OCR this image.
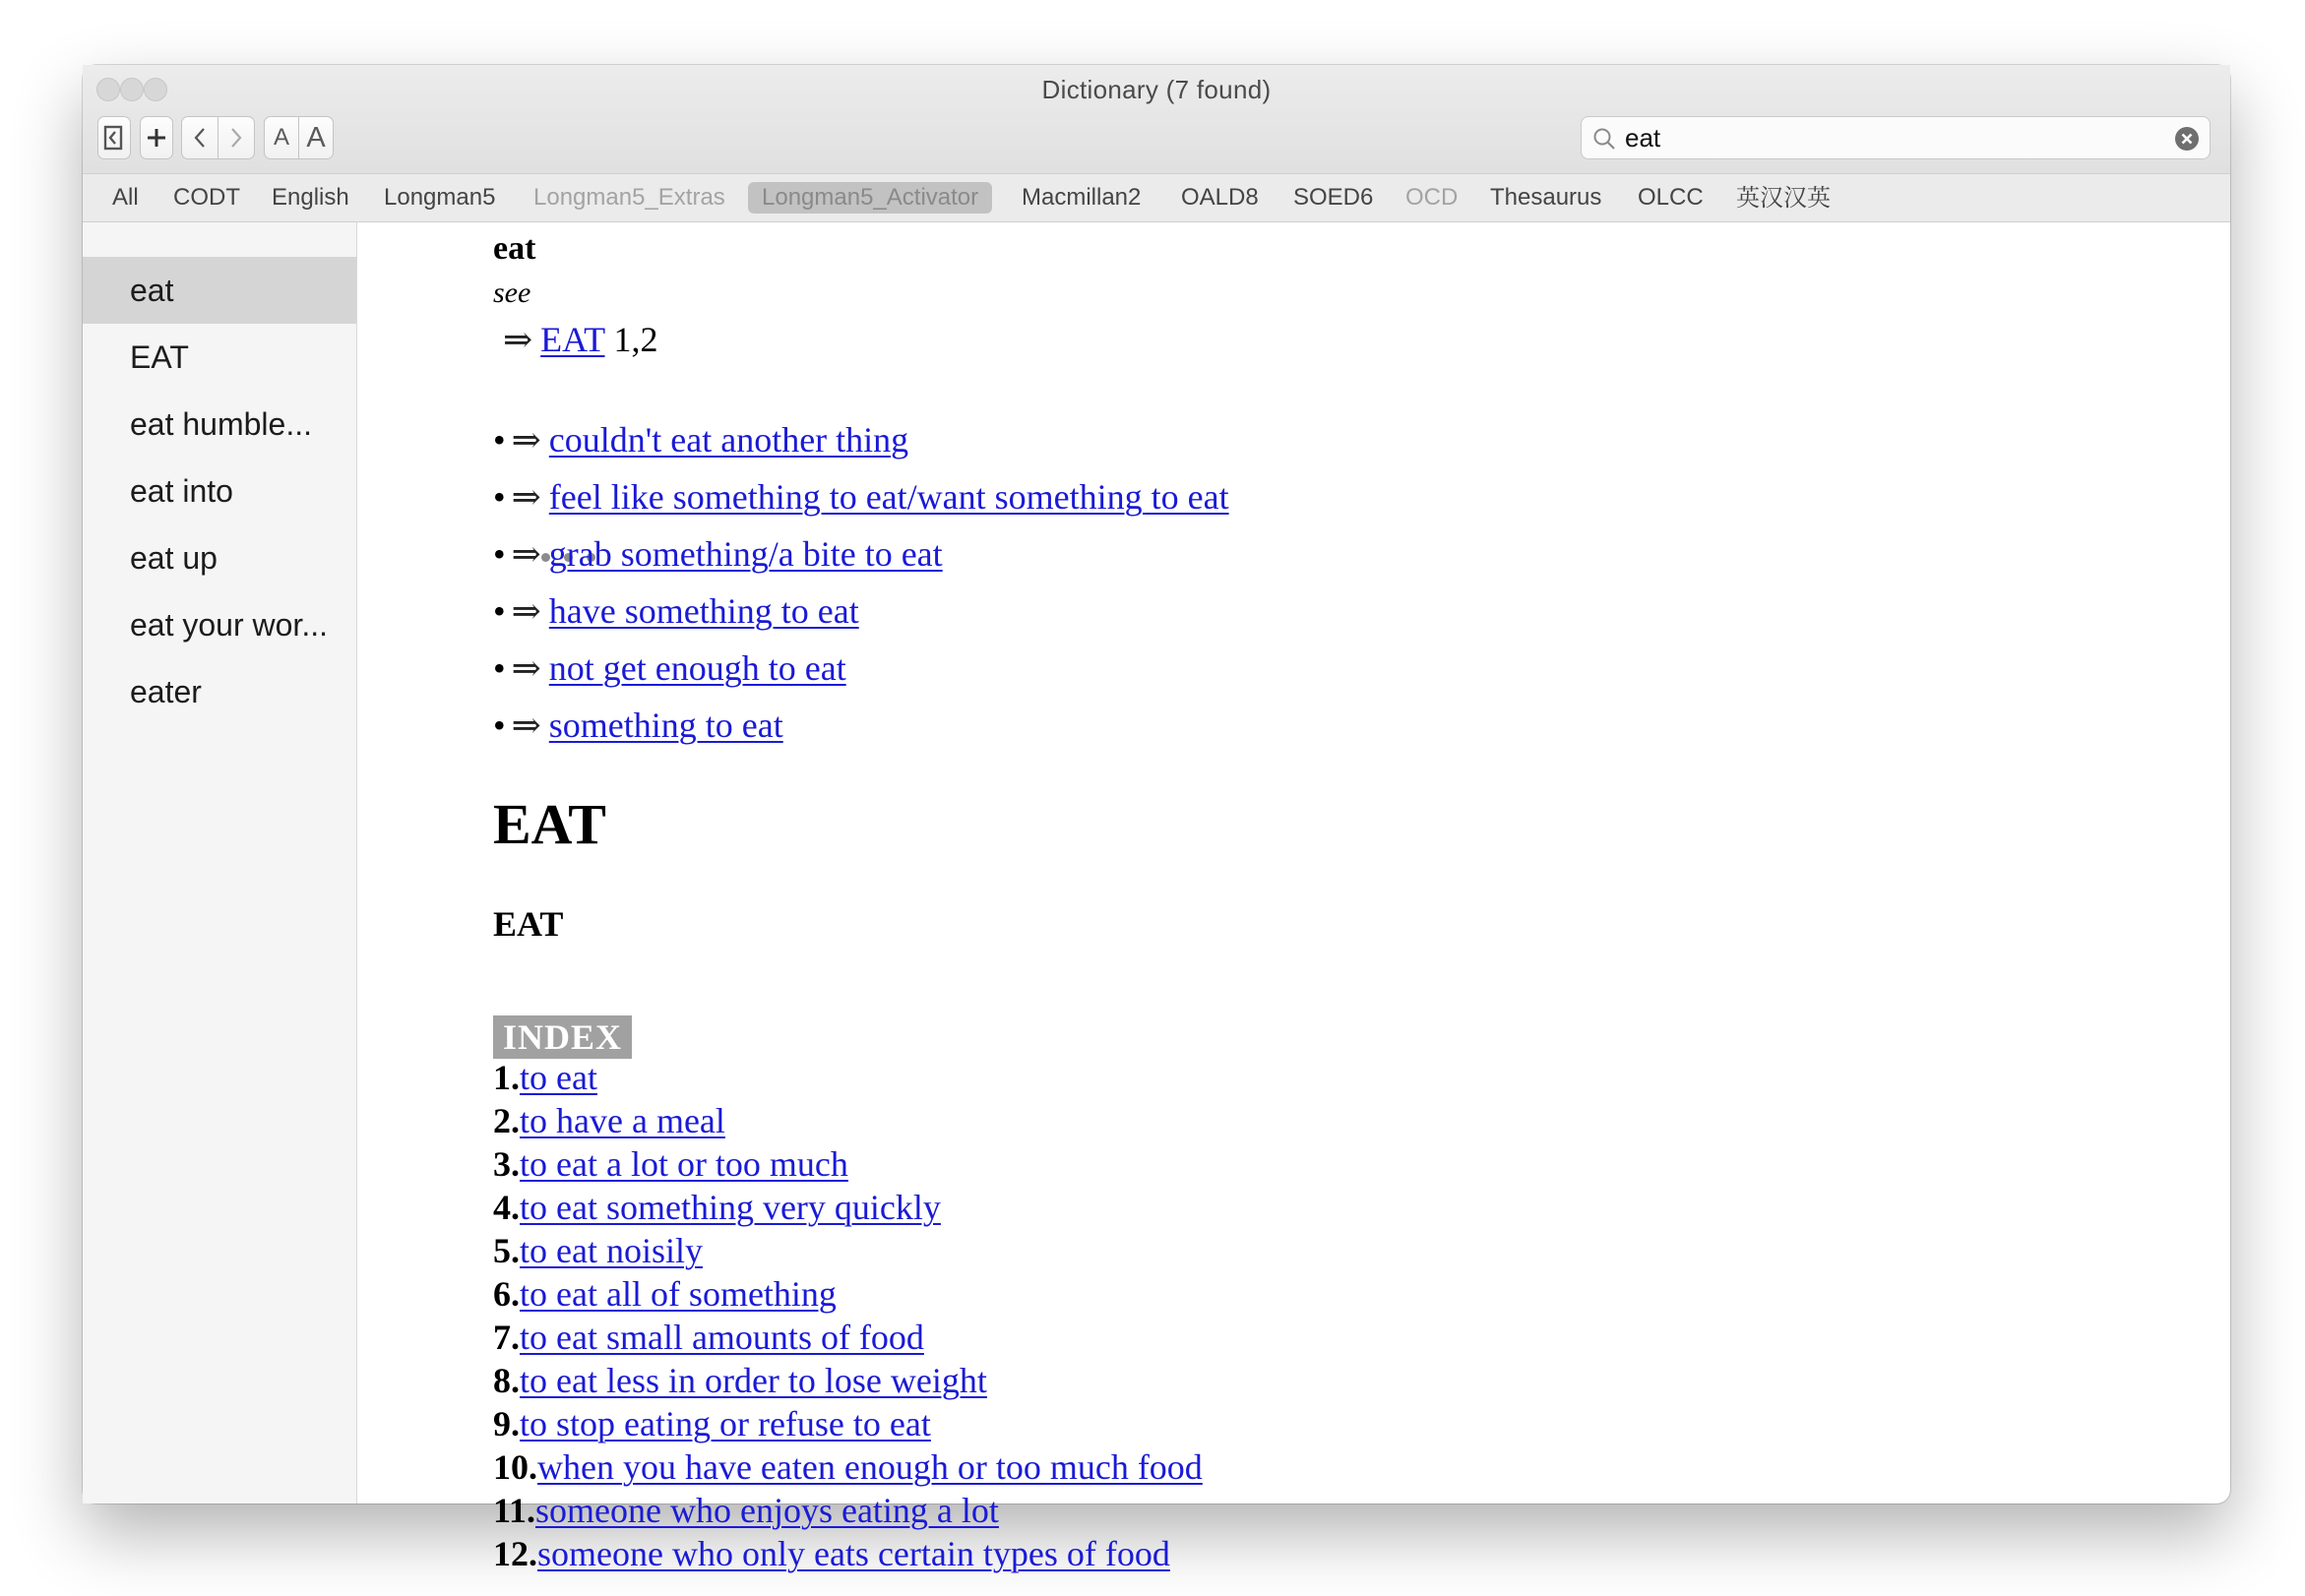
Dictionary (7 found)
A A
eat
All CODT English Longman5 Longman5_Extras	Longman5_Activator	Macmillan2 OALD8 SOED6 OCD Thesaurus OLCC 英汉汉英
eat
EAT
eat humble...
eat into
eat up
eat your wor...
eater
eat
see
⇒ EAT 1,2
• ⇒ couldn't eat another thing
• ⇒ feel like something to eat/want something to eat
• ⇒ grab something/a bite to eat
• ⇒ have something to eat
• ⇒ not get enough to eat
• ⇒ something to eat
EAT
EAT
INDEX
1.to eat
2.to have a meal
3.to eat a lot or too much
4.to eat something very quickly
5.to eat noisily
6.to eat all of something
7.to eat small amounts of food
8.to eat less in order to lose weight
9.to stop eating or refuse to eat
10.when you have eaten enough or too much food
11.someone who enjoys eating a lot
12.someone who only eats certain types of food
